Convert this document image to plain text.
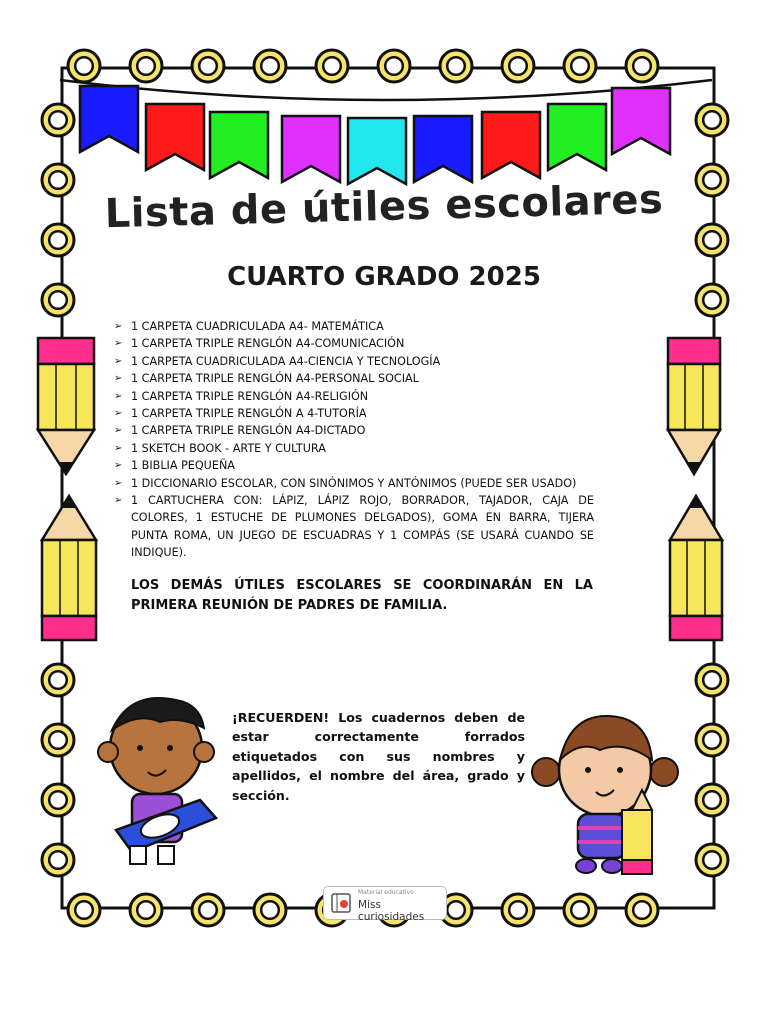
Lista de útiles escolares
CUARTO GRADO 2025
➢ 1 CARPETA CUADRICULADA A4- MATEMÁTICA
➢ 1 CARPETA TRIPLE RENGLÓN A4-COMUNICACIÓN
➢ 1 CARPETA CUADRICULADA A4-CIENCIA Y TECNOLOGÍA
➢ 1 CARPETA TRIPLE RENGLÓN A4-PERSONAL SOCIAL
➢ 1 CARPETA TRIPLE RENGLÓN A4-RELIGIÓN
➢ 1 CARPETA TRIPLE RENGLÓN A 4-TUTORÍA
➢ 1 CARPETA TRIPLE RENGLÓN A4-DICTADO
➢ 1 SKETCH BOOK - ARTE Y CULTURA
➢ 1 BIBLIA PEQUEÑA
➢ 1 DICCIONARIO ESCOLAR, CON SINÓNIMOS Y ANTÓNIMOS (PUEDE SER USADO)
➢ 1 CARTUCHERA CON: LÁPIZ, LÁPIZ ROJO, BORRADOR, TAJADOR, CAJA DE COLORES, 1 ESTUCHE DE PLUMONES DELGADOS), GOMA EN BARRA, TIJERA PUNTA ROMA, UN JUEGO DE ESCUADRAS Y 1 COMPÁS (SE USARÁ CUANDO SE INDIQUE).

LOS DEMÁS ÚTILES ESCOLARES SE COORDINARÁN EN LA PRIMERA REUNIÓN DE PADRES DE FAMILIA.

¡RECUERDEN! Los cuadernos deben de estar correctamente forrados etiquetados con sus nombres y apellidos, el nombre del área, grado y sección.

Material educativo
Miss curiosidades
